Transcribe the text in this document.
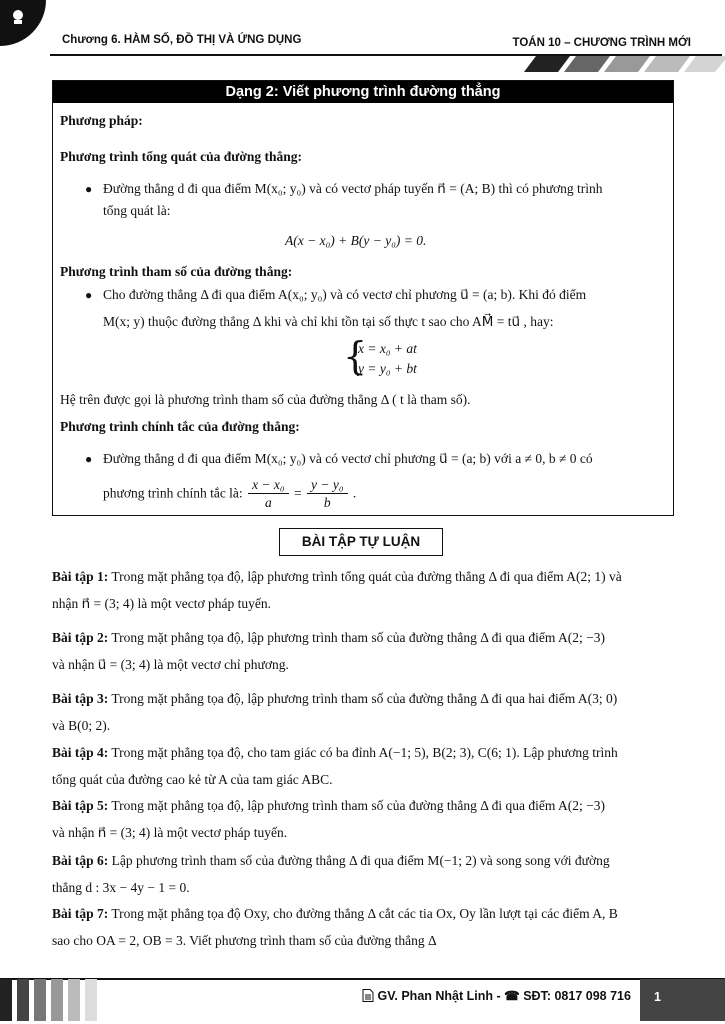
Chương 6. HÀM SỐ, ĐỒ THỊ VÀ ỨNG DỤNG	TOÁN 10 – CHƯƠNG TRÌNH MỚI
Dạng 2: Viết phương trình đường thẳng
Phương pháp:
Phương trình tổng quát của đường thẳng:
● Đường thẳng d đi qua điểm M(x₀; y₀) và có vectơ pháp tuyến n⃗ = (A; B) thì có phương trình
tổng quát là:
A(x − x₀) + B(y − y₀) = 0.
Phương trình tham số của đường thẳng:
● Cho đường thẳng Δ đi qua điểm A(x₀; y₀) và có vectơ chỉ phương u⃗ = (a; b). Khi đó điểm
M(x; y) thuộc đường thẳng Δ khi và chỉ khi tồn tại số thực t sao cho AM⃗ = tu⃗ , hay:
{
x = x₀ + at
y = y₀ + bt
Hệ trên được gọi là phương trình tham số của đường thẳng Δ ( t là tham số).
Phương trình chính tắc của đường thẳng:
● Đường thẳng d đi qua điểm M(x₀; y₀) và có vectơ chỉ phương u⃗ = (a; b) với a ≠ 0, b ≠ 0 có
phương trình chính tắc là: $\frac{\text{x − x₀}}{a} = \frac{\text{y − y₀}}{b}$ .
BÀI TẬP TỰ LUẬN
Bài tập 1: Trong mặt phẳng tọa độ, lập phương trình tổng quát của đường thẳng Δ đi qua điểm A(2; 1) và
nhận n⃗ = (3; 4) là một vectơ pháp tuyến.
Bài tập 2: Trong mặt phẳng tọa độ, lập phương trình tham số của đường thẳng Δ đi qua điểm A(2; −3)
và nhận u⃗ = (3; 4) là một vectơ chỉ phương.
Bài tập 3: Trong mặt phẳng tọa độ, lập phương trình tham số của đường thẳng Δ đi qua hai điểm A(3; 0)
và B(0; 2).
Bài tập 4: Trong mặt phẳng tọa độ, cho tam giác có ba đỉnh A(−1; 5), B(2; 3), C(6; 1). Lập phương trình
tổng quát của đường cao kẻ từ A của tam giác ABC.
Bài tập 5: Trong mặt phẳng tọa độ, lập phương trình tham số của đường thẳng Δ đi qua điểm A(2; −3)
và nhận n⃗ = (3; 4) là một vectơ pháp tuyến.
Bài tập 6: Lập phương trình tham số của đường thẳng Δ đi qua điểm M(−1; 2) và song song với đường
thẳng d : 3x − 4y − 1 = 0.
Bài tập 7: Trong mặt phẳng tọa độ Oxy, cho đường thẳng Δ cắt các tia Ox, Oy lần lượt tại các điểm A, B
sao cho OA = 2, OB = 3. Viết phương trình tham số của đường thẳng Δ
GV. Phan Nhật Linh - ☎ SĐT: 0817 098 716	1
